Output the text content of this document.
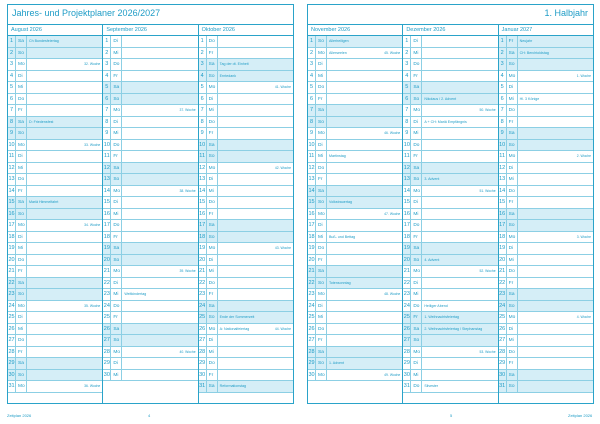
Jahres- und Projektplaner 2026/2027
August 2026
1	Sa	Ch Bundesfeiertag
2	So
3	Mo	32. Woche
4	Di
5	Mi
6	Do
7	Fr
8	Sa	D: Friedensfest
9	So
10 Mo	33. Woche
11 Di
12 Mi
13 Do
14 Fr
15 Sa	Mariä Himmelfahrt
16 So
17 Mo	34. Woche
18 Di
19 Mi
20 Do
21 Fr
22 Sa
23 So
24 Mo	35. Woche
25 Di
26 Mi
27 Do
28 Fr
29 Sa
30 So
31 Mo	36. Woche
September 2026
1	Di
2	Mi
3	Do
4	Fr
5	Sa
6	So
7	Mo	37. Woche
8	Di
9	Mi
10 Do
11 Fr
12 Sa
13 So
14 Mo	38. Woche
15 Di
16 Mi
17 Do
18 Fr
19 Sa
20 So
21 Mo	39. Woche
22 Di
23 Mi	Weltkindertag
24 Do
25 Fr
26 Sa
27 So
28 Mo	40. Woche
29 Di
30 Mi
Oktober 2026
1	Do
2	Fr
3	Sa	Tag der dt. Einheit
4	So	Erntedank
5	Mo	41. Woche
6	Di
7	Mi
8	Do
9	Fr
10 Sa
11 So
12 Mo	42. Woche
13 Di
14 Mi
15 Do
16 Fr
17 Sa
18 So
19 Mo	43. Woche
20 Di
21 Mi
22 Do
23 Fr
24 Sa
25 So	Ende der Sommerzeit
26 Mo	A: Nationalfeiertag	44. Woche
27 Di
28 Mi
29 Do
30 Fr
31 Sa	Reformationstag
1. Halbjahr
November 2026
1	So	Allerheiligen
2	Mo	Allerseelen	45. Woche
3	Di
4	Mi
5	Do
6	Fr
7	Sa
8	So
9	Mo	46. Woche
10 Di
11 Mi	Martinstag
12 Do
13 Fr
14 Sa
15 So	Volkstrauertag
16 Mo	47. Woche
17 Di
18 Mi	Buß- und Bettag
19 Do
20 Fr
21 Sa
22 So	Totensonntag
23 Mo	48. Woche
24 Di
25 Mi
26 Do
27 Fr
28 Sa
29 So	1. Advent
30 Mo	49. Woche
Dezember 2026
1	Di
2	Mi
3	Do
4	Fr
5	Sa
6	So	Nikolaus / 2. Advent
7	Mo	50. Woche
8	Di	A + CH: Mariä Empfängnis
9	Mi
10 Do
11 Fr
12 Sa
13 So	3. Advent
14 Mo	51. Woche
15 Di
16 Mi
17 Do
18 Fr
19 Sa
20 So	4. Advent
21 Mo	52. Woche
22 Di
23 Mi
24 Do	Heiliger Abend
25 Fr	1. Weihnachtsfeiertag
26 Sa	2. Weihnachtsfeiertag / Stephanstag
27 So
28 Mo	53. Woche
29 Di
30 Mi
31 Do	Silvester
Januar 2027
1	Fr	Neujahr
2	Sa	CH: Berchtoldstag
3	So
4	Mo	1. Woche
5	Di
6	Mi	Hl. 3 Könige
7	Do
8	Fr
9	Sa
10 So
11 Mo	2. Woche
12 Di
13 Mi
14 Do
15 Fr
16 Sa
17 So
18 Mo	3. Woche
19 Di
20 Mi
21 Do
22 Fr
23 Sa
24 So
25 Mo	4. Woche
26 Di
27 Mi
28 Do
29 Fr
30 Sa
31 So
Zeitplan 2026	4	5	Zeitplan 2026
